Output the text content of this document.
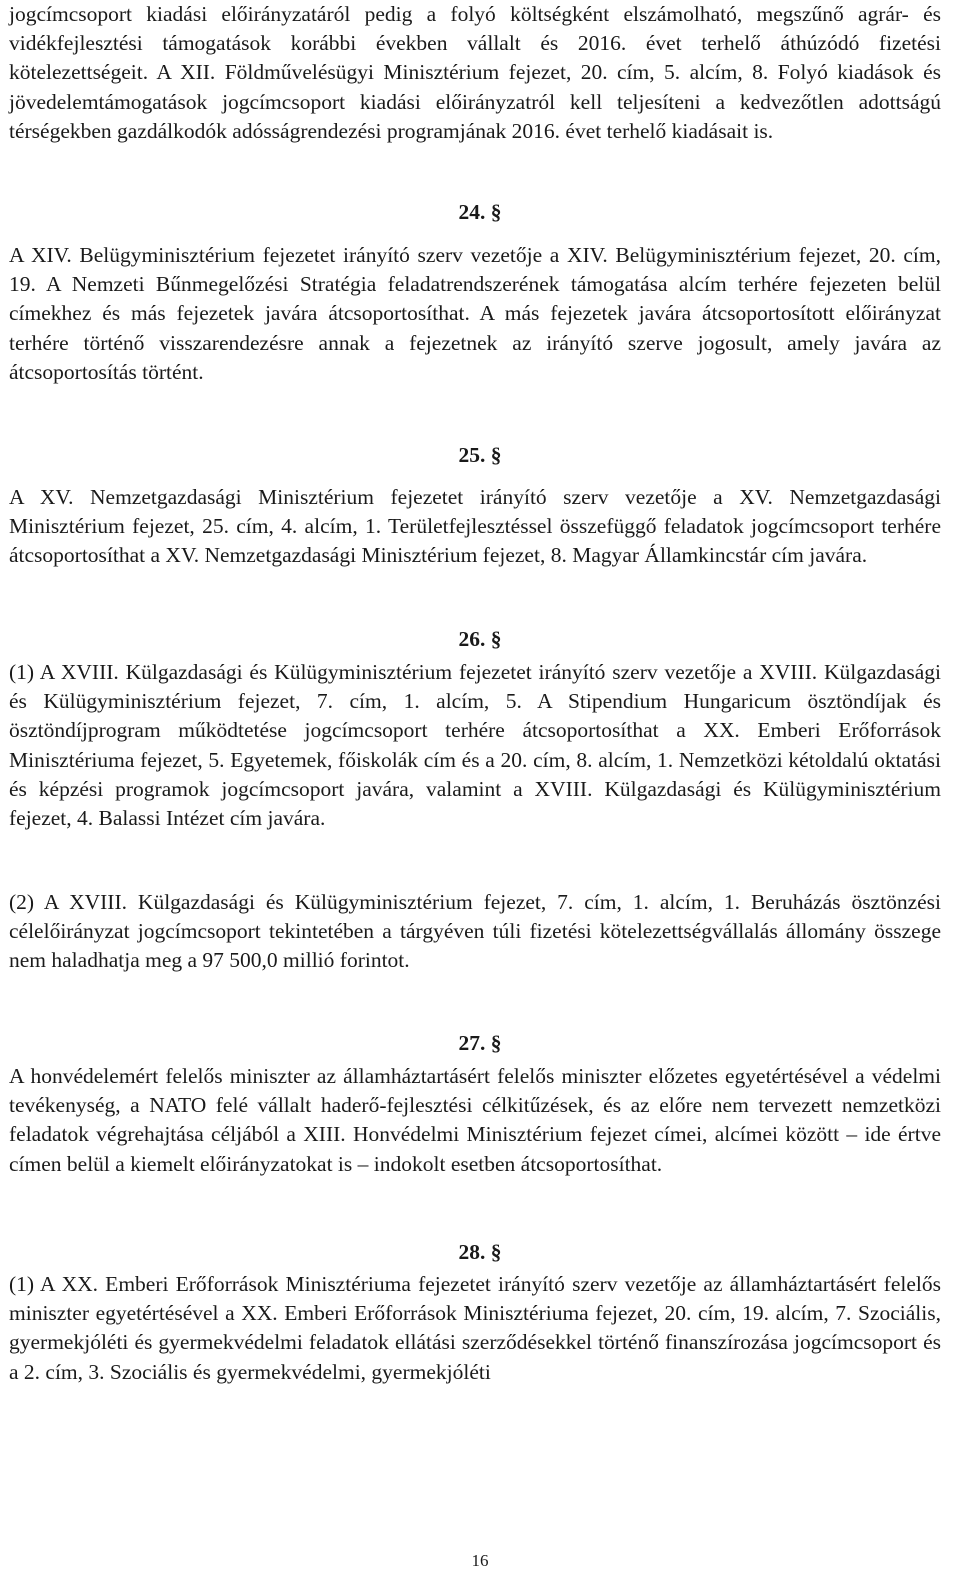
jogcímcsoport kiadási előirányzatáról pedig a folyó költségként elszámolható, megszűnő agrár- és vidékfejlesztési támogatások korábbi években vállalt és 2016. évet terhelő áthúzódó fizetési kötelezettségeit. A XII. Földművelésügyi Minisztérium fejezet, 20. cím, 5. alcím, 8. Folyó kiadások és jövedelemtámogatások jogcímcsoport kiadási előirányzatról kell teljesíteni a kedvezőtlen adottságú térségekben gazdálkodók adósságrendezési programjának 2016. évet terhelő kiadásait is.

24. §

A XIV. Belügyminisztérium fejezetet irányító szerv vezetője a XIV. Belügyminisztérium fejezet, 20. cím, 19. A Nemzeti Bűnmegelőzési Stratégia feladatrendszerének támogatása alcím terhére fejezeten belül címekhez és más fejezetek javára átcsoportosíthat. A más fejezetek javára átcsoportosított előirányzat terhére történő visszarendezésre annak a fejezetnek az irányító szerve jogosult, amely javára az átcsoportosítás történt.

25. §

A XV. Nemzetgazdasági Minisztérium fejezetet irányító szerv vezetője a XV. Nemzetgazdasági Minisztérium fejezet, 25. cím, 4. alcím, 1. Területfejlesztéssel összefüggő feladatok jogcímcsoport terhére átcsoportosíthat a XV. Nemzetgazdasági Minisztérium fejezet, 8. Magyar Államkincstár cím javára.

26. §

(1) A XVIII. Külgazdasági és Külügyminisztérium fejezetet irányító szerv vezetője a XVIII. Külgazdasági és Külügyminisztérium fejezet, 7. cím, 1. alcím, 5. A Stipendium Hungaricum ösztöndíjak és ösztöndíjprogram működtetése jogcímcsoport terhére átcsoportosíthat a XX. Emberi Erőforrások Minisztériuma fejezet, 5. Egyetemek, főiskolák cím és a 20. cím, 8. alcím, 1. Nemzetközi kétoldalú oktatási és képzési programok jogcímcsoport javára, valamint a XVIII. Külgazdasági és Külügyminisztérium fejezet, 4. Balassi Intézet cím javára.

(2) A XVIII. Külgazdasági és Külügyminisztérium fejezet, 7. cím, 1. alcím, 1. Beruházás ösztönzési célelőirányzat jogcímcsoport tekintetében a tárgyéven túli fizetési kötelezettségvállalás állomány összege nem haladhatja meg a 97 500,0 millió forintot.

27. §

A honvédelemért felelős miniszter az államháztartásért felelős miniszter előzetes egyetértésével a védelmi tevékenység, a NATO felé vállalt haderő-fejlesztési célkitűzések, és az előre nem tervezett nemzetközi feladatok végrehajtása céljából a XIII. Honvédelmi Minisztérium fejezet címei, alcímei között – ide értve címen belül a kiemelt előirányzatokat is – indokolt esetben átcsoportosíthat.

28. §

(1) A XX. Emberi Erőforrások Minisztériuma fejezetet irányító szerv vezetője az államháztartásért felelős miniszter egyetértésével a XX. Emberi Erőforrások Minisztériuma fejezet, 20. cím, 19. alcím, 7. Szociális, gyermekjóléti és gyermekvédelmi feladatok ellátási szerződésekkel történő finanszírozása jogcímcsoport és a 2. cím, 3. Szociális és gyermekvédelmi, gyermekjóléti

16
